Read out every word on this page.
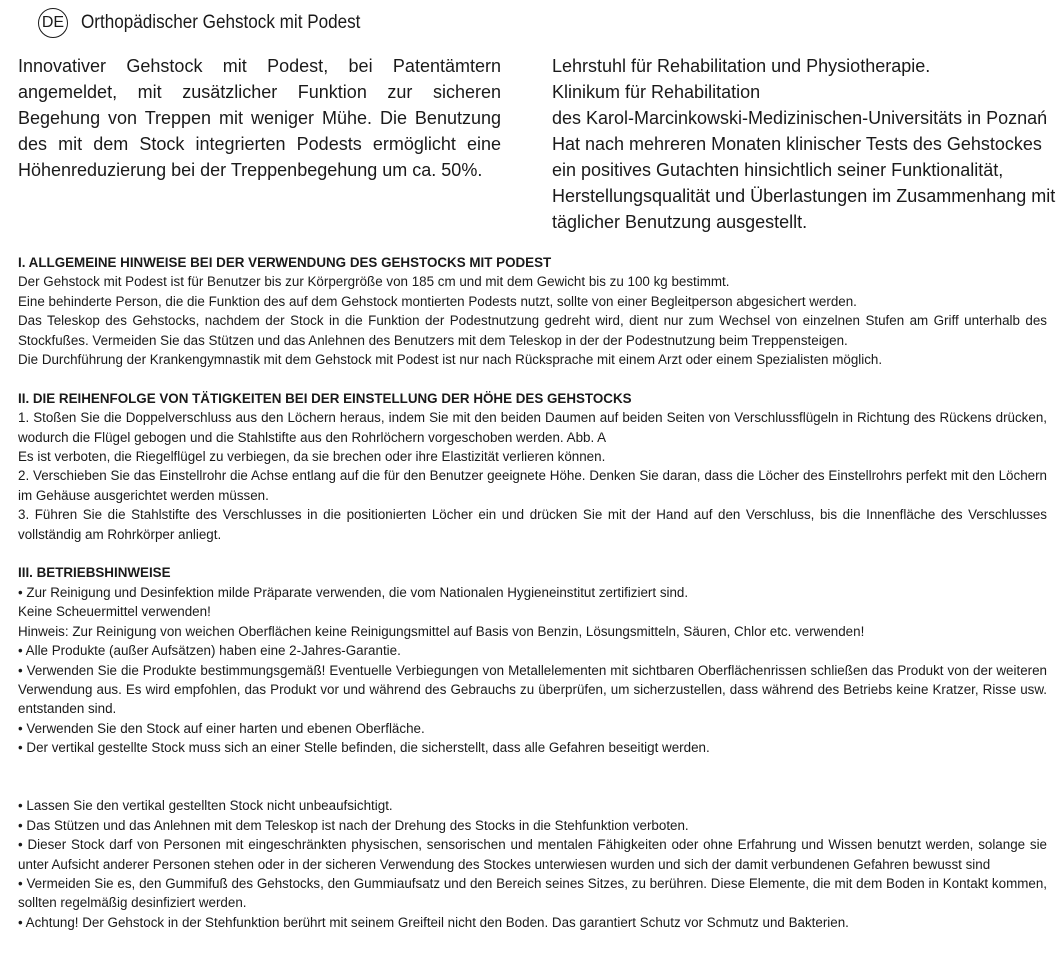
DE Orthopädischer Gehstock mit Podest

Innovativer Gehstock mit Podest, bei Patentämtern angemeldet, mit zusätzlicher Funktion zur sicheren Begehung von Treppen mit weniger Mühe. Die Benutzung des mit dem Stock integrierten Podests ermöglicht eine Höhenreduzierung bei der Treppenbegehung um ca. 50%.

Lehrstuhl für Rehabilitation und Physiotherapie.
Klinikum für Rehabilitation
des Karol-Marcinkowski-Medizinischen-Universitäts in Poznań
Hat nach mehreren Monaten klinischer Tests des Gehstockes
ein positives Gutachten hinsichtlich seiner Funktionalität,
Herstellungsqualität und Überlastungen im Zusammenhang mit
täglicher Benutzung ausgestellt.
I. ALLGEMEINE HINWEISE BEI DER VERWENDUNG DES GEHSTOCKS MIT PODEST
Der Gehstock mit Podest ist für Benutzer bis zur Körpergröße von 185 cm und mit dem Gewicht bis zu 100 kg bestimmt.
Eine behinderte Person, die die Funktion des auf dem Gehstock montierten Podests nutzt, sollte von einer Begleitperson abgesichert werden.
Das Teleskop des Gehstocks, nachdem der Stock in die Funktion der Podestnutzung gedreht wird, dient nur zum Wechsel von einzelnen Stufen am Griff unterhalb des Stockfußes. Vermeiden Sie das Stützen und das Anlehnen des Benutzers mit dem Teleskop in der der Podestnutzung beim Treppensteigen.
Die Durchführung der Krankengymnastik mit dem Gehstock mit Podest ist nur nach Rücksprache mit einem Arzt oder einem Spezialisten möglich.
II. DIE REIHENFOLGE VON TÄTIGKEITEN BEI DER EINSTELLUNG DER HÖHE DES GEHSTOCKS
1. Stoßen Sie die Doppelverschluss aus den Löchern heraus, indem Sie mit den beiden Daumen auf beiden Seiten von Verschlussflügeln in Richtung des Rückens drücken, wodurch die Flügel gebogen und die Stahlstifte aus den Rohrlöchern vorgeschoben werden. Abb. A
Es ist verboten, die Riegelflügel zu verbiegen, da sie brechen oder ihre Elastizität verlieren können.
2. Verschieben Sie das Einstellrohr die Achse entlang auf die für den Benutzer geeignete Höhe. Denken Sie daran, dass die Löcher des Einstellrohrs perfekt mit den Löchern im Gehäuse ausgerichtet werden müssen.
3. Führen Sie die Stahlstifte des Verschlusses in die positionierten Löcher ein und drücken Sie mit der Hand auf den Verschluss, bis die Innenfläche des Verschlusses vollständig am Rohrkörper anliegt.
III. BETRIEBSHINWEISE
• Zur Reinigung und Desinfektion milde Präparate verwenden, die vom Nationalen Hygieneinstitut zertifiziert sind.
Keine Scheuermittel verwenden!
Hinweis: Zur Reinigung von weichen Oberflächen keine Reinigungsmittel auf Basis von Benzin, Lösungsmitteln, Säuren, Chlor etc. verwenden!
• Alle Produkte (außer Aufsätzen) haben eine 2-Jahres-Garantie.
• Verwenden Sie die Produkte bestimmungsgemäß! Eventuelle Verbiegungen von Metallelementen mit sichtbaren Oberflächenrissen schließen das Produkt von der weiteren Verwendung aus. Es wird empfohlen, das Produkt vor und während des Gebrauchs zu überprüfen, um sicherzustellen, dass während des Betriebs keine Kratzer, Risse usw. entstanden sind.
• Verwenden Sie den Stock auf einer harten und ebenen Oberfläche.
• Der vertikal gestellte Stock muss sich an einer Stelle befinden, die sicherstellt, dass alle Gefahren beseitigt werden.
• Lassen Sie den vertikal gestellten Stock nicht unbeaufsichtigt.
• Das Stützen und das Anlehnen mit dem Teleskop ist nach der Drehung des Stocks in die Stehfunktion verboten.
• Dieser Stock darf von Personen mit eingeschränkten physischen, sensorischen und mentalen Fähigkeiten oder ohne Erfahrung und Wissen benutzt werden, solange sie unter Aufsicht anderer Personen stehen oder in der sicheren Verwendung des Stockes unterwiesen wurden und sich der damit verbundenen Gefahren bewusst sind
• Vermeiden Sie es, den Gummifuß des Gehstocks, den Gummiaufsatz und den Bereich seines Sitzes, zu berühren. Diese Elemente, die mit dem Boden in Kontakt kommen, sollten regelmäßig desinfiziert werden.
• Achtung! Der Gehstock in der Stehfunktion berührt mit seinem Greifteil nicht den Boden. Das garantiert Schutz vor Schmutz und Bakterien.
